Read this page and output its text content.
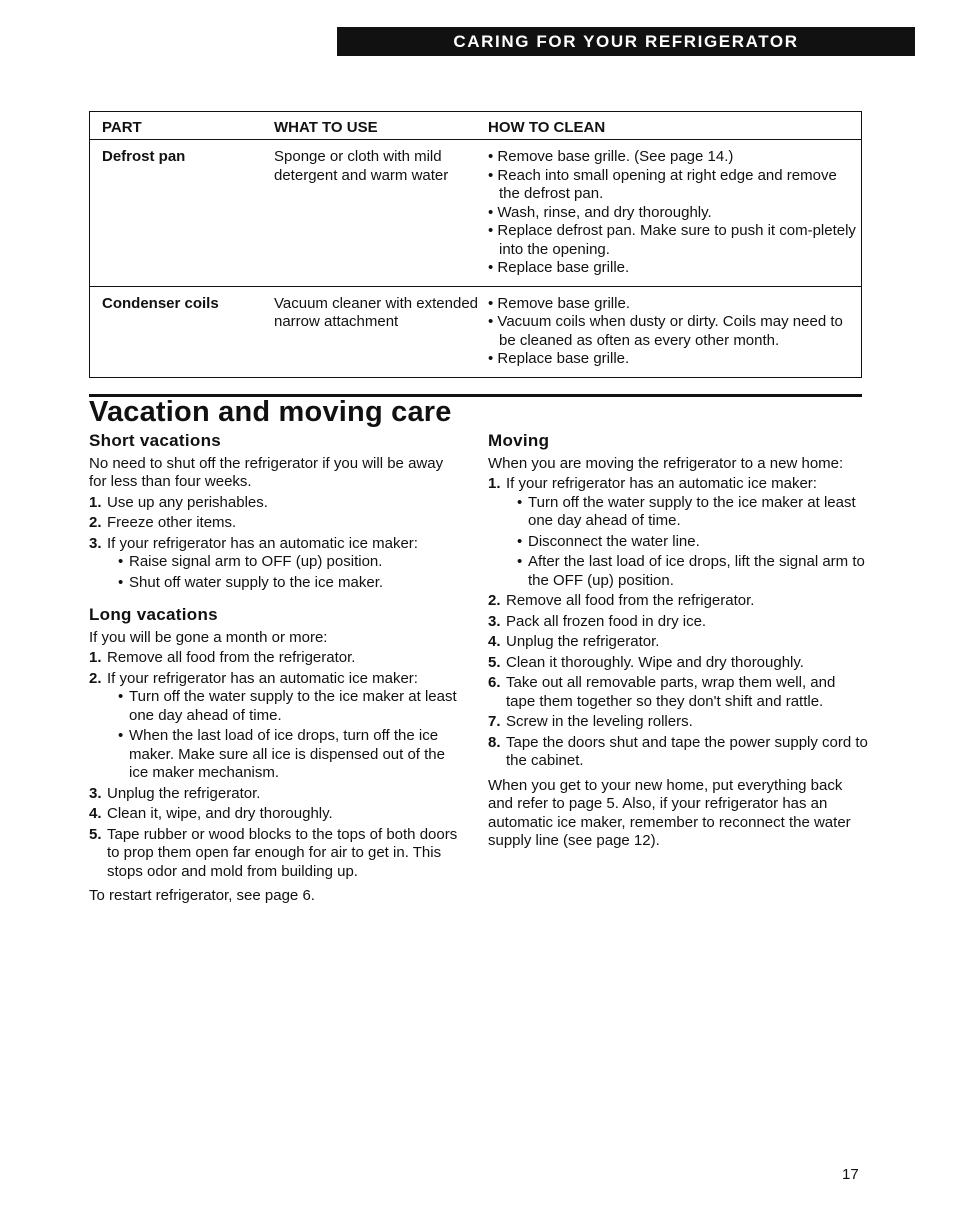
CARING FOR YOUR REFRIGERATOR
PART	WHAT TO USE	HOW TO CLEAN
Defrost pan	Sponge or cloth with mild detergent and warm water	• Remove base grille. (See page 14.)
• Reach into small opening at right edge and remove the defrost pan.
• Wash, rinse, and dry thoroughly.
• Replace defrost pan. Make sure to push it com-pletely into the opening.
• Replace base grille.

Condenser coils	Vacuum cleaner with extended narrow attachment	• Remove base grille.
• Vacuum coils when dusty or dirty. Coils may need to be cleaned as often as every other month.
• Replace base grille.
Vacation and moving care
Short vacations

No need to shut off the refrigerator if you will be away for less than four weeks.

1. Use up any perishables.
2. Freeze other items.
3. If your refrigerator has an automatic ice maker:
• Raise signal arm to OFF (up) position.
• Shut off water supply to the ice maker.
Long vacations

If you will be gone a month or more:

1. Remove all food from the refrigerator.
2. If your refrigerator has an automatic ice maker:
• Turn off the water supply to the ice maker at least one day ahead of time.
• When the last load of ice drops, turn off the ice maker. Make sure all ice is dispensed out of the ice maker mechanism.
3. Unplug the refrigerator.
4. Clean it, wipe, and dry thoroughly.
5. Tape rubber or wood blocks to the tops of both doors to prop them open far enough for air to get in. This stops odor and mold from building up.

To restart refrigerator, see page 6.

Moving

When you are moving the refrigerator to a new home:

1. If your refrigerator has an automatic ice maker:
• Turn off the water supply to the ice maker at least one day ahead of time.
• Disconnect the water line.
• After the last load of ice drops, lift the signal arm to the OFF (up) position.
2. Remove all food from the refrigerator.
3. Pack all frozen food in dry ice.
4. Unplug the refrigerator.
5. Clean it thoroughly. Wipe and dry thoroughly.
6. Take out all removable parts, wrap them well, and tape them together so they don't shift and rattle.
7. Screw in the leveling rollers.
8. Tape the doors shut and tape the power supply cord to the cabinet.

When you get to your new home, put everything back and refer to page 5. Also, if your refrigerator has an automatic ice maker, remember to reconnect the water supply line (see page 12).

17
